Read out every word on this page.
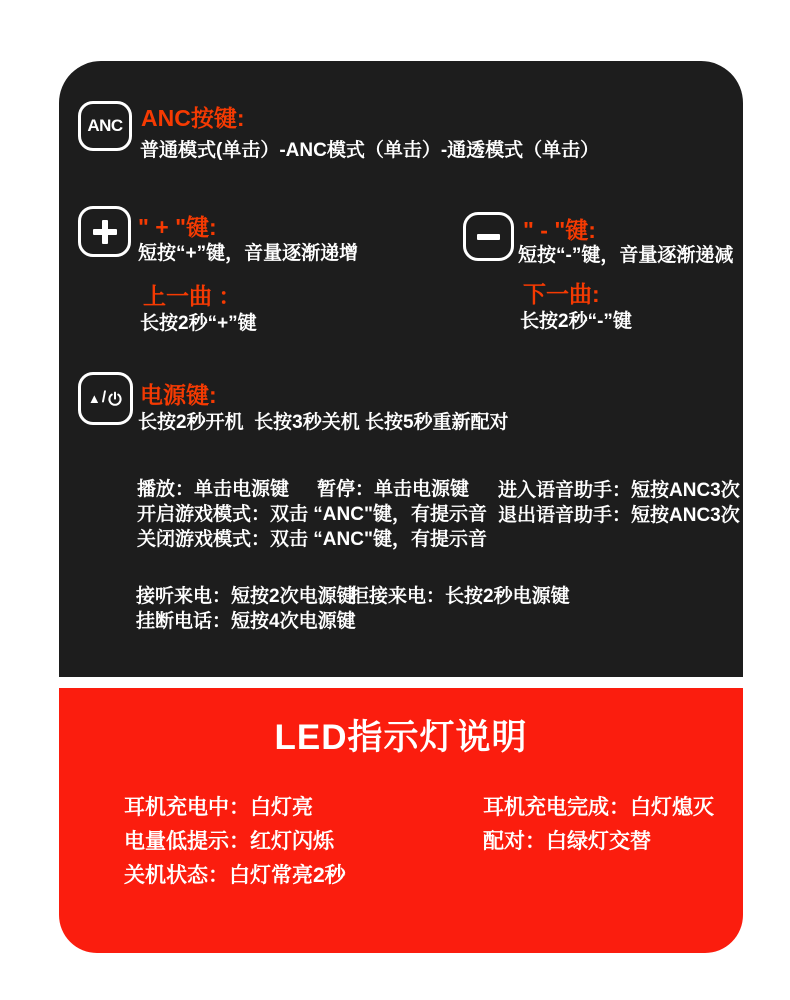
ANC ANC按键:
普通模式(单击）-ANC模式（单击）-通透模式（单击）
" + "键:
短按“+”键，音量逐渐递增
上一曲 ：
长按2秒“+”键
" - "键:
短按“-”键，音量逐渐递减
下一曲:
长按2秒“-”键
▲ / 电源键:
长按2秒开机  长按3秒关机 长按5秒重新配对
播放：单击电源键 暂停：单击电源键 进入语音助手：短按ANC3次
开启游戏模式：双击 “ANC"键，有提示音 退出语音助手：短按ANC3次
关闭游戏模式：双击 “ANC"键，有提示音
接听来电：短按2次电源键
拒接来电：长按2秒电源键
挂断电话：短按4次电源键
LED指示灯说明
耳机充电中：白灯亮
电量低提示：红灯闪烁
关机状态：白灯常亮2秒
耳机充电完成：白灯熄灭
配对：白绿灯交替
